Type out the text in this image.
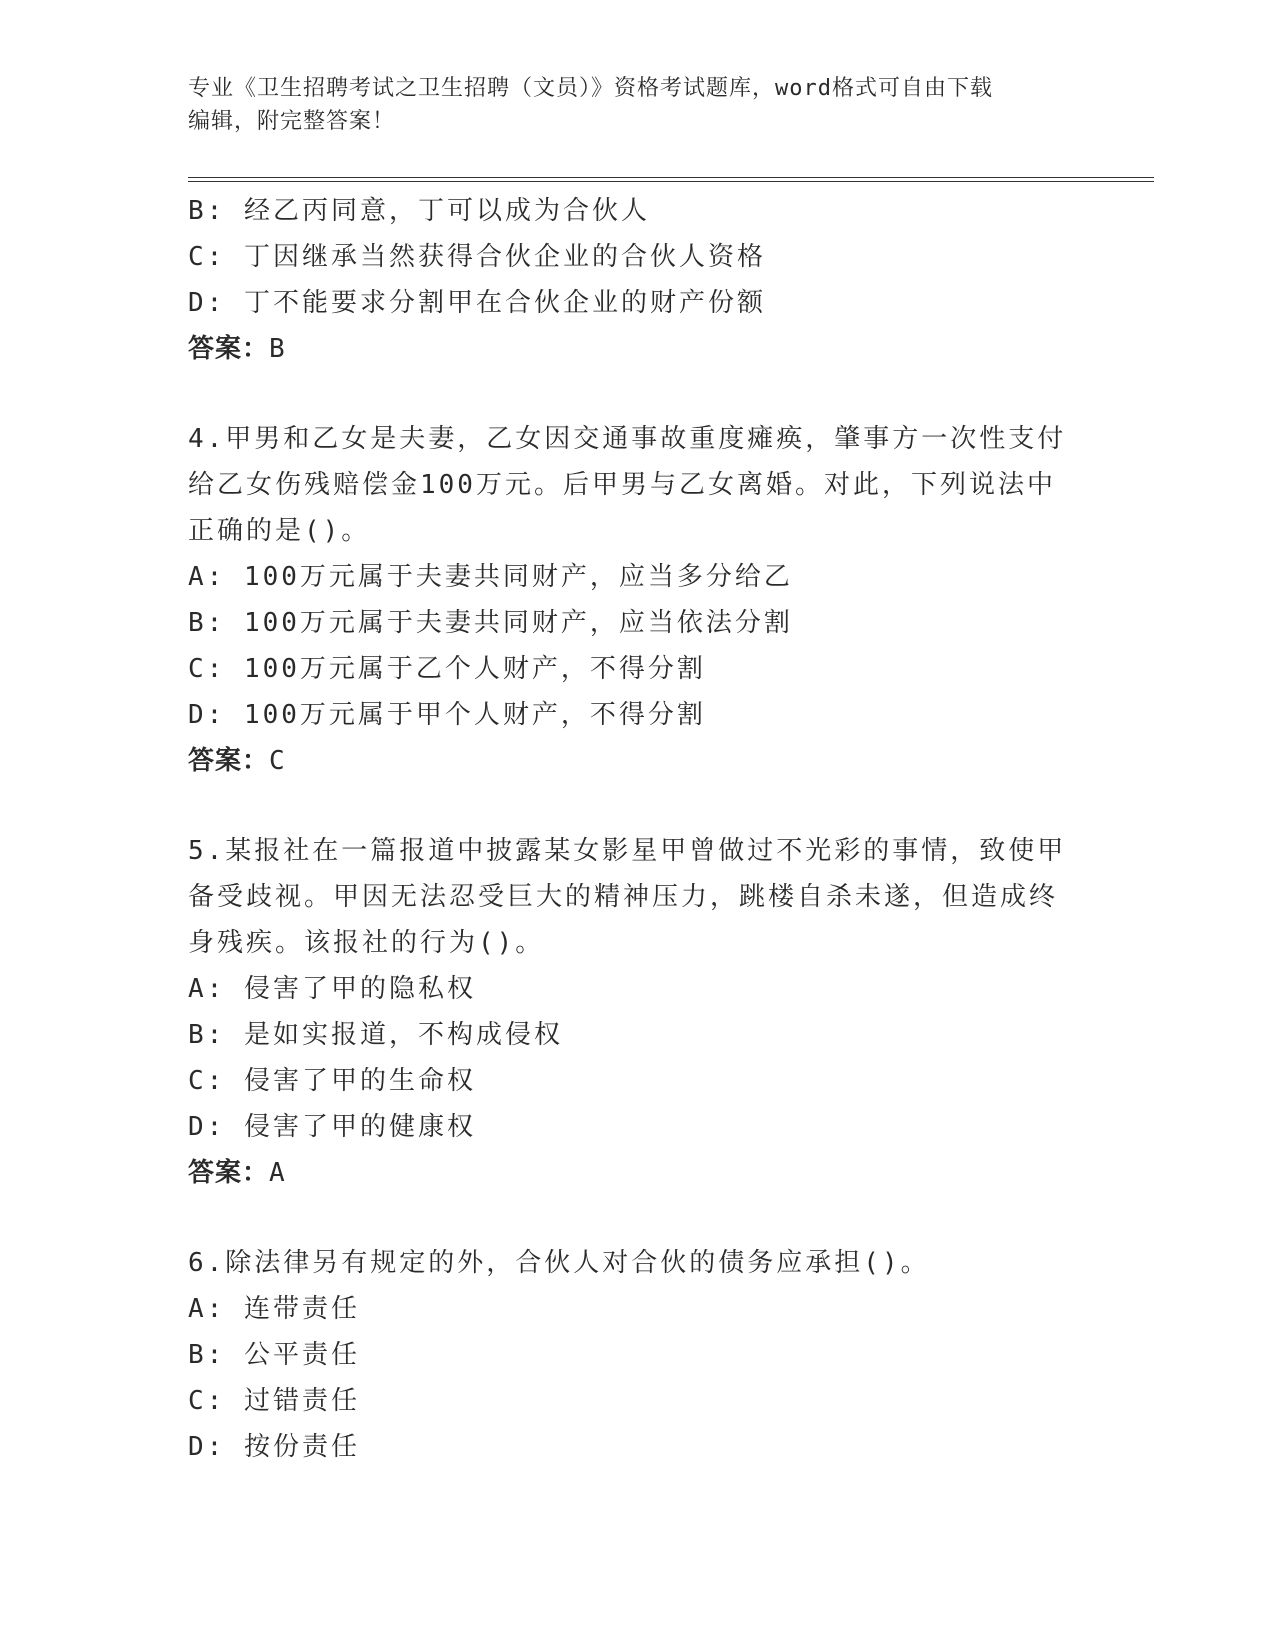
专业《卫生招聘考试之卫生招聘（文员）》资格考试题库，word格式可自由下载
编辑，附完整答案！
B: 经乙丙同意，丁可以成为合伙人
C: 丁因继承当然获得合伙企业的合伙人资格
D: 丁不能要求分割甲在合伙企业的财产份额
答案：B
4.甲男和乙女是夫妻，乙女因交通事故重度瘫痪，肇事方一次性支付
给乙女伤残赔偿金100万元。后甲男与乙女离婚。对此，下列说法中
正确的是()。
A: 100万元属于夫妻共同财产，应当多分给乙
B: 100万元属于夫妻共同财产，应当依法分割
C: 100万元属于乙个人财产，不得分割
D: 100万元属于甲个人财产，不得分割
答案：C
5.某报社在一篇报道中披露某女影星甲曾做过不光彩的事情，致使甲
备受歧视。甲因无法忍受巨大的精神压力，跳楼自杀未遂，但造成终
身残疾。该报社的行为()。
A: 侵害了甲的隐私权
B: 是如实报道，不构成侵权
C: 侵害了甲的生命权
D: 侵害了甲的健康权
答案：A
6.除法律另有规定的外，合伙人对合伙的债务应承担()。
A: 连带责任
B: 公平责任
C: 过错责任
D: 按份责任
